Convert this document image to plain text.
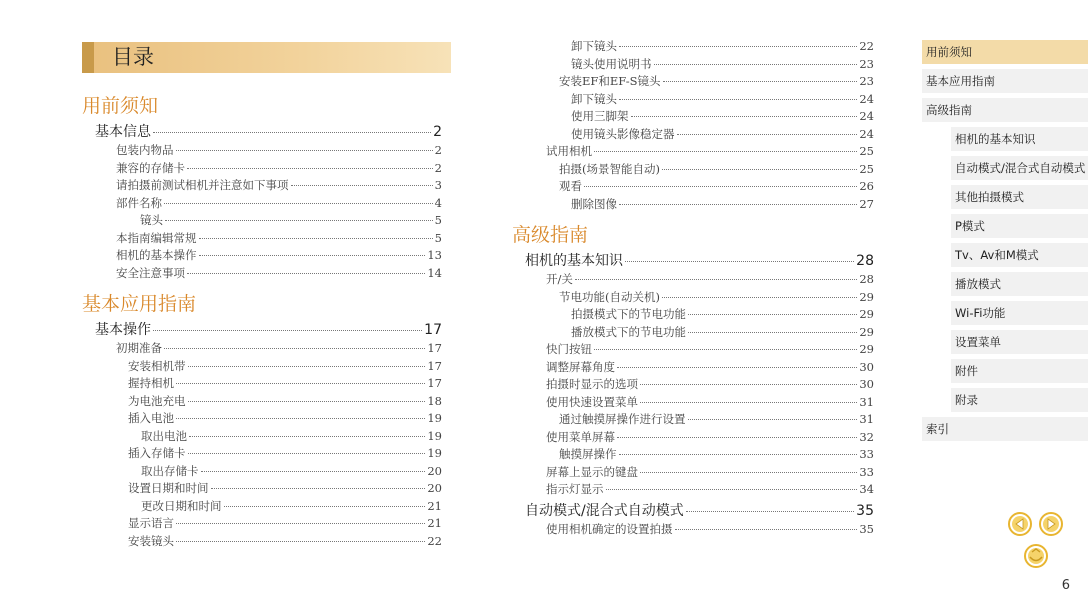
目录
用前须知
基本信息	2
包装内物品	2
兼容的存储卡	2
请拍摄前测试相机并注意如下事项	3
部件名称	4
镜头	5
本指南编辑常规	5
相机的基本操作	13
安全注意事项	14
基本应用指南
基本操作	17
初期准备	17
安装相机带	17
握持相机	17
为电池充电	18
插入电池	19
取出电池	19
插入存储卡	19
取出存储卡	20
设置日期和时间	20
更改日期和时间	21
显示语言	21
安装镜头	22
卸下镜头	22
镜头使用说明书	23
安装EF和EF-S镜头	23
卸下镜头	24
使用三脚架	24
使用镜头影像稳定器	24
试用相机	25
拍摄(场景智能自动)	25
观看	26
删除图像	27
高级指南
相机的基本知识	28
开/关	28
节电功能(自动关机)	29
拍摄模式下的节电功能	29
播放模式下的节电功能	29
快门按钮	29
调整屏幕角度	30
拍摄时显示的选项	30
使用快速设置菜单	31
通过触摸屏操作进行设置	31
使用菜单屏幕	32
触摸屏操作	33
屏幕上显示的键盘	33
指示灯显示	34
自动模式/混合式自动模式	35
使用相机确定的设置拍摄	35
用前须知
基本应用指南
高级指南
相机的基本知识
自动模式/混合式自动模式
其他拍摄模式
P模式
Tv、Av和M模式
播放模式
Wi-Fi功能
设置菜单
附件
附录
索引
6
